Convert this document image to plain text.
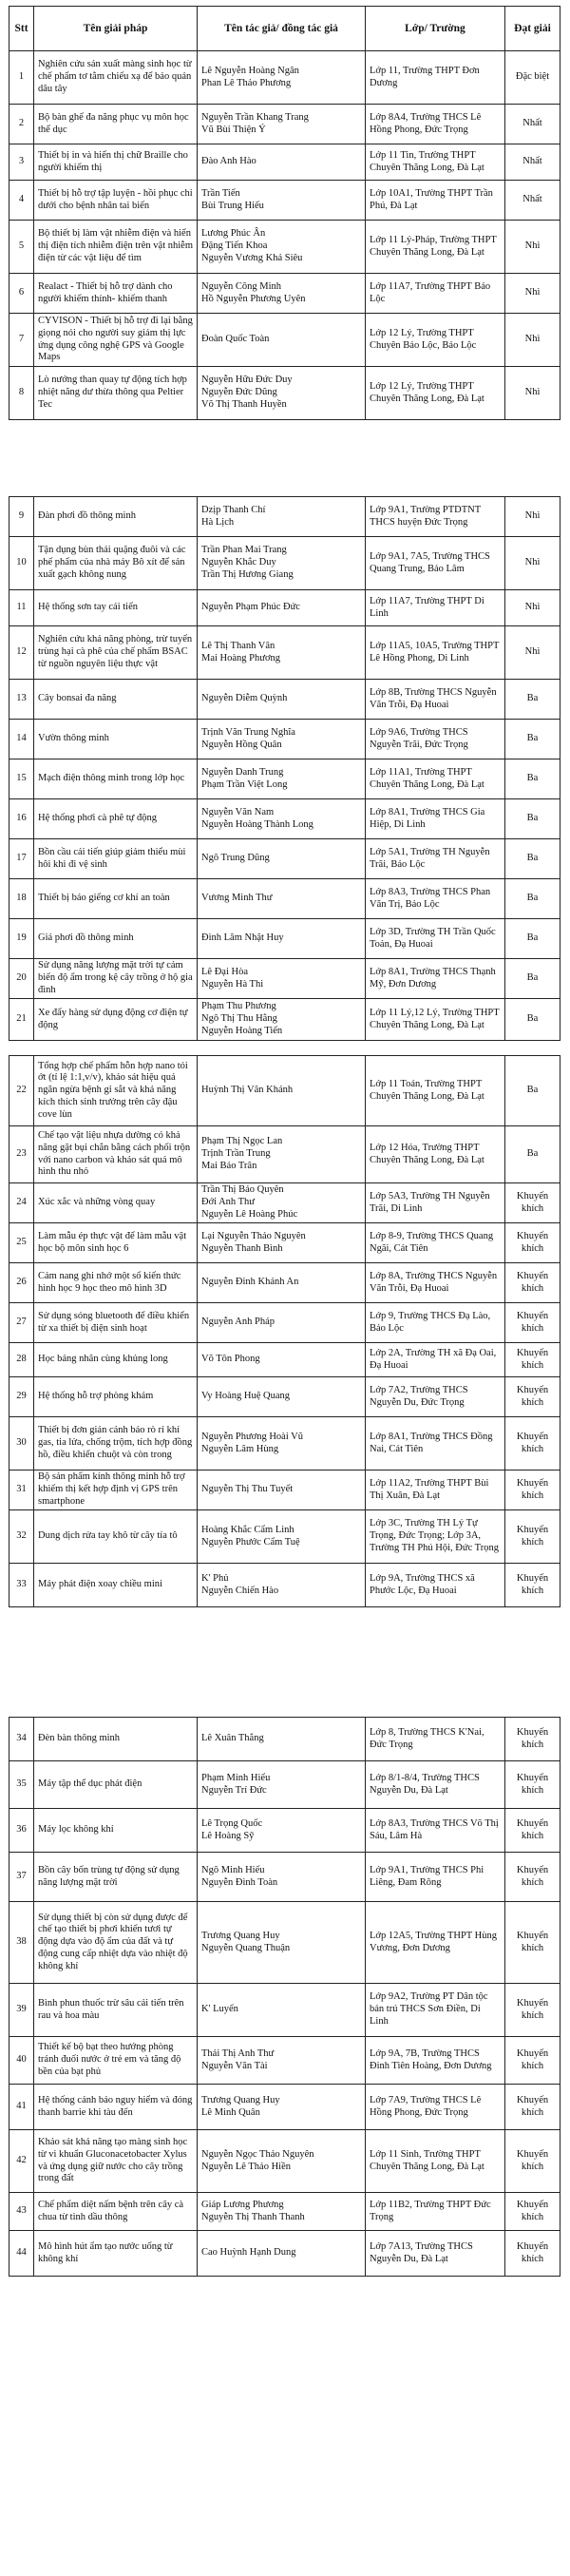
Stt	Tên giải pháp	Tên tác giả/ đồng tác giả	Lớp/ Trường	Đạt giải
1	Nghiên cứu sản xuất màng sinh học từ chế phẩm tơ tằm chiếu xạ để bảo quản dâu tây	Lê Nguyễn Hoàng Ngân
Phan Lê Thảo Phương	Lớp 11, Trường THPT Đơn Dương	Đặc biệt
2	Bộ bàn ghế đa năng phục vụ môn học thể dục	Nguyễn Trần Khang Trang
Vũ Bùi Thiện Ý	Lớp 8A4, Trường THCS Lê Hồng Phong, Đức Trọng	Nhất
3	Thiết bị in và hiển thị chữ Braille cho người khiếm thị	Đào Anh Hào	Lớp 11 Tin, Trường THPT Chuyên Thăng Long, Đà Lạt	Nhất
4	Thiết bị hỗ trợ tập luyện - hồi phục chi dưới cho bệnh nhân tai biến	Trần Tiến
Bùi Trung Hiếu	Lớp 10A1, Trường THPT Trần Phú, Đà Lạt	Nhất
5	Bộ thiết bị làm vật nhiễm điện và hiển thị điện tích nhiễm điện trên vật nhiễm điện từ các vật liệu để tìm	Lương Phúc Ân
Đặng Tiến Khoa
Nguyễn Vương Khả Siêu	Lớp 11 Lý-Pháp, Trường THPT Chuyên Thăng Long, Đà Lạt	Nhì
6	Realact - Thiết bị hỗ trợ dành cho người khiếm thính- khiếm thanh	Nguyễn Công Minh
Hồ Nguyễn Phương Uyên	Lớp 11A7, Trường THPT Bảo Lộc	Nhì
7	CYVISON - Thiết bị hỗ trợ đi lại bằng giọng nói cho người suy giảm thị lực ứng dụng công nghệ GPS và Google Maps	Đoàn Quốc Toàn	Lớp 12 Lý, Trường THPT Chuyên Bảo Lộc, Bảo Lộc	Nhì
8	Lò nướng than quay tự động tích hợp nhiệt năng dư thừa thông qua Peltier Tec	Nguyễn Hữu Đức Duy
Nguyễn Đức Dũng
Võ Thị Thanh Huyền	Lớp 12 Lý, Trường THPT Chuyên Thăng Long, Đà Lạt	Nhì
9	Đàn phơi đồ thông minh	Dzịp Thanh Chí
Hà Lịch	Lớp 9A1, Trường PTDTNT THCS huyện Đức Trọng	Nhì
10	Tận dụng bùn thải quặng đuôi và các phế phẩm của nhà máy Bô xít để sản xuất gạch không nung	Trần Phan Mai Trang
Nguyễn Khắc Duy
Trần Thị Hương Giang	Lớp 9A1, 7A5, Trường THCS Quang Trung, Bảo Lâm	Nhì
11	Hệ thống sơn tay cái tiến	Nguyễn Phạm Phúc Đức	Lớp 11A7, Trường THPT Di Linh	Nhì
12	Nghiên cứu khả năng phòng, trừ tuyến trùng hại cà phê của chế phẩm BSAC từ nguồn nguyên liệu thực vật	Lê Thị Thanh Vân
Mai Hoàng Phương	Lớp 11A5, 10A5, Trường THPT Lê Hồng Phong, Di Linh	Nhì
13	Cây bonsai đa năng	Nguyễn Diễm Quỳnh	Lớp 8B, Trường THCS Nguyễn Văn Trỗi, Đạ Huoai	Ba
14	Vườn thông minh	Trịnh Văn Trung Nghĩa
Nguyễn Hồng Quân	Lớp 9A6, Trường THCS Nguyễn Trãi, Đức Trọng	Ba
15	Mạch điện thông minh trong lớp học	Nguyễn Danh Trung
Phạm Trần Việt Long	Lớp 11A1, Trường THPT Chuyên Thăng Long, Đà Lạt	Ba
16	Hệ thống phơi cà phê tự động	Nguyễn Văn Nam
Nguyễn Hoàng Thành Long	Lớp 8A1, Trường THCS Gia Hiệp, Di Linh	Ba
17	Bồn cầu cải tiến giúp giảm thiểu mùi hôi khi đi vệ sinh	Ngô Trung Dũng	Lớp 5A1, Trường TH Nguyễn Trãi, Bảo Lộc	Ba
18	Thiết bị báo giếng cơ khí an toàn	Vương Minh Thư	Lớp 8A3, Trường THCS Phan Văn Trị, Bảo Lộc	Ba
19	Giá phơi đồ thông minh	Đinh Lâm Nhật Huy	Lớp 3D, Trường TH Trần Quốc Toản, Đạ Huoai	Ba
20	Sử dụng năng lượng mặt trời tự cảm biến độ ẩm trong kệ cây trồng ở hộ gia đình	Lê Đại Hòa
Nguyễn Hà Thi	Lớp 8A1, Trường THCS Thạnh Mỹ, Đơn Dương	Ba
21	Xe đẩy hàng sử dụng động cơ điện tự động	Phạm Thu Phương
Ngô Thị Thu Hằng
Nguyễn Hoàng Tiến	Lớp 11 Lý,12 Lý, Trường THPT Chuyên Thăng Long, Đà Lạt	Ba
22	Tổng hợp chế phẩm hỗn hợp nano tỏi ớt (tỉ lệ 1:1,v/v), khảo sát hiệu quả ngăn ngừa bệnh gỉ sắt và khả năng kích thích sinh trưởng trên cây đậu cove lùn	Huỳnh Thị Vân Khánh	Lớp 11 Toán, Trường THPT Chuyên Thăng Long, Đà Lạt	Ba
23	Chế tạo vật liệu nhựa dường có khả năng gặt bụi chắn bằng cách phối trộn với nano carbon và khảo sát quá mô hình thu nhỏ	Phạm Thị Ngọc Lan
Trịnh Trần Trung
Mai Bảo Trân	Lớp 12 Hóa, Trường THPT Chuyên Thăng Long, Đà Lạt	Ba
24	Xúc xắc và những vòng quay	Trần Thị Bảo Quyên
Đới Anh Thư
Nguyễn Lê Hoàng Phúc	Lớp 5A3, Trường TH Nguyễn Trãi, Di Linh	Khuyến khích
25	Làm mẫu ép thực vật để làm mẫu vật học bộ môn sinh học 6	Lại Nguyễn Thảo Nguyên
Nguyễn Thanh Bình	Lớp 8-9, Trường THCS Quang Ngãi, Cát Tiên	Khuyến khích
26	Cảm nang ghi nhớ một số kiến thức hình học 9 học theo mô hình 3D	Nguyễn Đinh Khánh An	Lớp 8A, Trường THCS Nguyễn Văn Trỗi, Đạ Huoai	Khuyến khích
27	Sử dụng sóng bluetooth để điều khiển từ xa thiết bị điện sinh hoạt	Nguyễn Anh Pháp	Lớp 9, Trường THCS Đạ Lào, Bảo Lộc	Khuyến khích
28	Học bảng nhân cùng khủng long	Võ Tôn Phong	Lớp 2A, Trường TH xã Đạ Oai, Đạ Huoai	Khuyến khích
29	Hệ thống hỗ trợ phòng khám	Vy Hoàng Huệ Quang	Lớp 7A2, Trường THCS Nguyễn Du, Đức Trọng	Khuyến khích
30	Thiết bị đơn giản cảnh báo rò rỉ khí gas, tia lửa, chống trộm, tích hợp đồng hồ, điều khiển chuột và còn trong	Nguyễn Phương Hoài Vũ
Nguyễn Lâm Hùng	Lớp 8A1, Trường THCS Đồng Nai, Cát Tiên	Khuyến khích
31	Bộ sản phẩm kính thông minh hỗ trợ khiếm thị kết hợp định vị GPS trên smartphone	Nguyễn Thị Thu Tuyết	Lớp 11A2, Trường THPT Bùi Thị Xuân, Đà Lạt	Khuyến khích
32	Dung dịch rửa tay khô từ cây tía tô	Hoàng Khắc Cẩm Linh
Nguyễn Phước Cẩm Tuệ	Lớp 3C, Trường TH Lý Tự Trọng, Đức Trọng; Lớp 3A, Trường TH Phú Hội, Đức Trọng	Khuyến khích
33	Máy phát điện xoay chiều mini	K' Phủ
Nguyễn Chiến Hào	Lớp 9A, Trường THCS xã Phước Lộc, Đạ Huoai	Khuyến khích
34	Đèn bàn thông minh	Lê Xuân Thắng	Lớp 8, Trường THCS K'Nai, Đức Trọng	Khuyến khích
35	Máy tập thể dục phát điện	Phạm Minh Hiếu
Nguyễn Trí Đức	Lớp 8/1-8/4, Trường THCS Nguyễn Du, Đà Lạt	Khuyến khích
36	Máy lọc không khí	Lê Trọng Quốc
Lê Hoàng Sỹ	Lớp 8A3, Trường THCS Võ Thị Sáu, Lâm Hà	Khuyến khích
37	Bồn cây bốn trùng tự động sử dụng năng lượng mặt trời	Ngô Minh Hiếu
Nguyễn Đình Toàn	Lớp 9A1, Trường THCS Phi Liêng, Đam Rông	Khuyến khích
38	Sử dụng thiết bị còn sử dụng được để chế tạo thiết bị phơi khiến tươi tự động dựa vào độ ẩm của đất và tự động cung cấp nhiệt dựa vào nhiệt độ không khí	Trương Quang Huy
Nguyễn Quang Thuận	Lớp 12A5, Trường THPT Hùng Vương, Đơn Dương	Khuyến khích
39	Bình phun thuốc trừ sâu cải tiến trên rau và hoa màu	K' Luyến	Lớp 9A2, Trường PT Dân tộc bán trú THCS Sơn Điền, Di Linh	Khuyến khích
40	Thiết kế bộ bạt theo hướng phòng tránh đuối nước ở trẻ em và tăng độ bền của bạt phủ	Thái Thị Anh Thư
Nguyễn Văn Tài	Lớp 9A, 7B, Trường THCS Đinh Tiên Hoàng, Đơn Dương	Khuyến khích
41	Hệ thống cảnh báo nguy hiểm và đóng thanh barrie khi tàu đến	Trương Quang Huy
Lê Minh Quân	Lớp 7A9, Trường THCS Lê Hồng Phong, Đức Trọng	Khuyến khích
42	Khảo sát khả năng tạo màng sinh học từ vi khuẩn Gluconacetobacter Xylus và ứng dụng giữ nước cho cây trồng trong đất	Nguyễn Ngọc Thảo Nguyên
Nguyễn Lê Thảo Hiền	Lớp 11 Sinh, Trường THPT Chuyên Thăng Long, Đà Lạt	Khuyến khích
43	Chế phẩm diệt nấm bệnh trên cây cà chua từ tinh dầu thông	Giáp Lương Phương
Nguyễn Thị Thanh Thanh	Lớp 11B2, Trường THPT Đức Trọng	Khuyến khích
44	Mô hình hút ẩm tạo nước uống từ không khí	Cao Huỳnh Hạnh Dung	Lớp 7A13, Trường THCS Nguyễn Du, Đà Lạt	Khuyến khích
